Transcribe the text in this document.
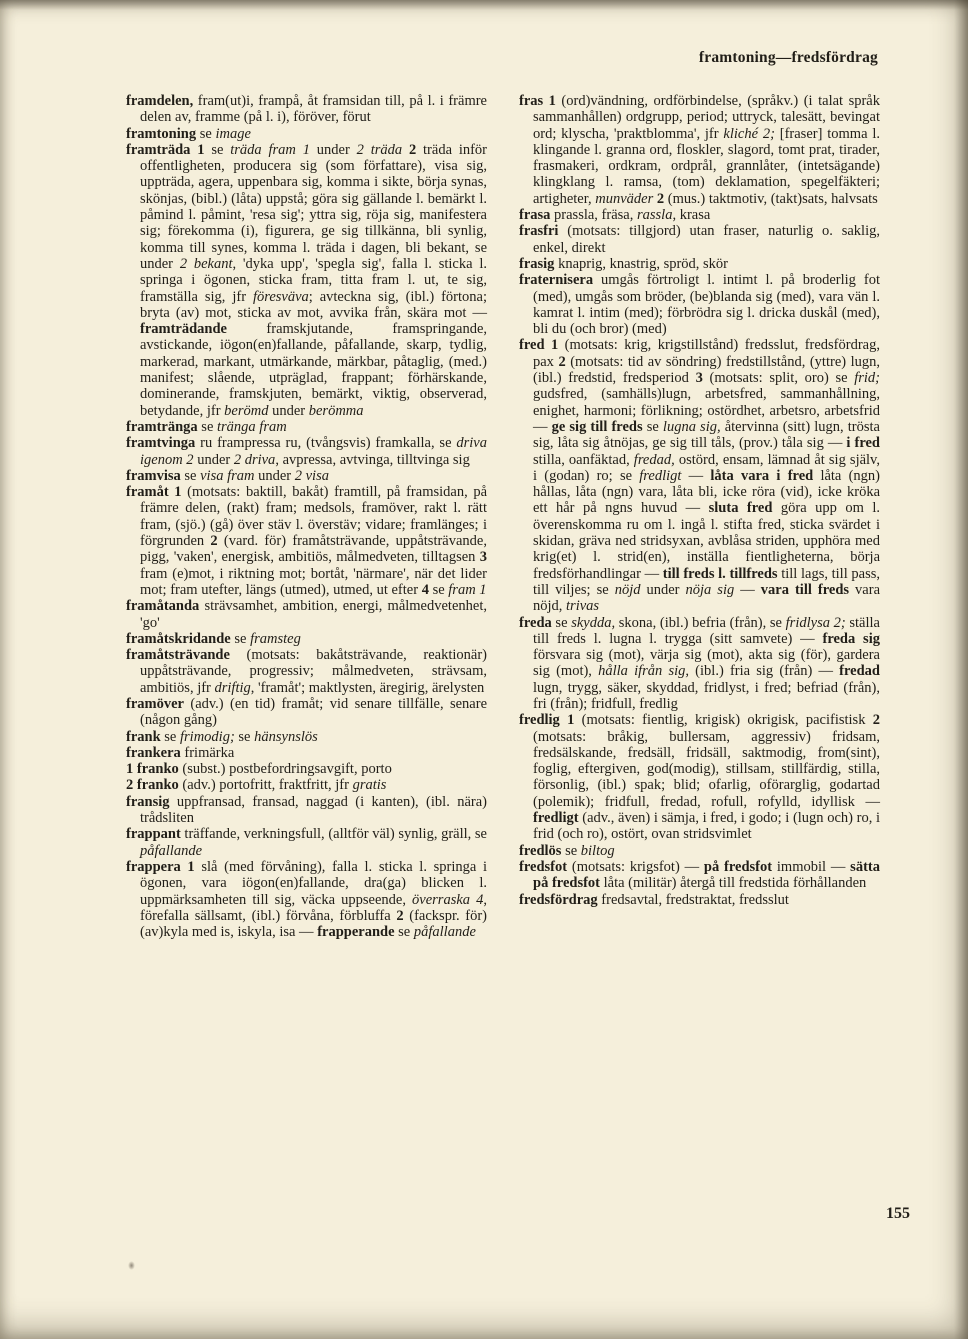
framtoning—fredsfördrag

framdelen, fram(ut)i, frampå, åt framsidan till, på l. i främre delen av, framme (på l. i), föröver, förut

framtoning se image

framträda 1 se träda fram 1 under 2 träda 2 träda inför offentligheten, producera sig (som författare), visa sig, uppträda, agera, uppenbara sig, komma i sikte, börja synas, skönjas, (bibl.) (låta) uppstå; göra sig gällande l. bemärkt l. påmind l. påmint, 'resa sig'; yttra sig, röja sig, manifestera sig; förekomma (i), figurera, ge sig tillkänna, bli synlig, komma till synes, komma l. träda i dagen, bli bekant, se under 2 bekant, 'dyka upp', 'spegla sig', falla l. sticka l. springa i ögonen, sticka fram, titta fram l. ut, te sig, framställa sig, jfr föresväva; avteckna sig, (ibl.) förtona; bryta (av) mot, sticka av mot, avvika från, skära mot — framträdande framskjutande, framspringande, avstickande, iögon(en)fallande, påfallande, skarp, tydlig, markerad, markant, utmärkande, märkbar, påtaglig, (med.) manifest; slående, utpräglad, frappant; förhärskande, dominerande, framskjuten, bemärkt, viktig, observerad, betydande, jfr berömd under berömma

framtränga se tränga fram

framtvinga ru frampressa ru, (tvångsvis) framkalla, se driva igenom 2 under 2 driva, avpressa, avtvinga, tilltvinga sig

framvisa se visa fram under 2 visa

framåt 1 (motsats: baktill, bakåt) framtill, på framsidan, på främre delen, (rakt) fram; medsols, framöver, rakt l. rätt fram, (sjö.) (gå) över stäv l. överstäv; vidare; framlänges; i förgrunden 2 (vard. för) framåtsträvande, uppåtsträvande, pigg, 'vaken', energisk, ambitiös, målmedveten, tilltagsen 3 fram (e)mot, i riktning mot; bortåt, 'närmare', när det lider mot; fram utefter, längs (utmed), utmed, ut efter 4 se fram 1

framåtanda strävsamhet, ambition, energi, målmedvetenhet, 'go'

framåtskridande se framsteg

framåtsträvande (motsats: bakåtsträvande, reaktionär) uppåtsträvande, progressiv; målmedveten, strävsam, ambitiös, jfr driftig, 'framåt'; maktlysten, äregirig, ärelysten

framöver (adv.) (en tid) framåt; vid senare tillfälle, senare (någon gång)

frank se frimodig; se hänsynslös

frankera frimärka

1 franko (subst.) postbefordringsavgift, porto

2 franko (adv.) portofritt, fraktfritt, jfr gratis

fransig uppfransad, fransad, naggad (i kanten), (ibl. nära) trådsliten

frappant träffande, verkningsfull, (alltför väl) synlig, gräll, se påfallande

frappera 1 slå (med förvåning), falla l. sticka l. springa i ögonen, vara iögon(en)fallande, dra(ga) blicken l. uppmärksamheten till sig, väcka uppseende, överraska 4, förefalla sällsamt, (ibl.) förvåna, förbluffa 2 (fackspr. för) (av)kyla med is, iskyla, isa — frapperande se påfallande

fras 1 (ord)vändning, ordförbindelse, (språkv.) (i talat språk sammanhållen) ordgrupp, period; uttryck, talesätt, bevingat ord; klyscha, 'praktblomma', jfr kliché 2; [fraser] tomma l. klingande l. granna ord, floskler, slagord, tomt prat, tirader, frasmakeri, ordkram, ordprål, grannlåter, (intetsägande) klingklang l. ramsa, (tom) deklamation, spegelfäkteri; artigheter, munväder 2 (mus.) taktmotiv, (takt)sats, halvsats

frasa prassla, fräsa, rassla, krasa

frasfri (motsats: tillgjord) utan fraser, naturlig o. saklig, enkel, direkt

frasig knaprig, knastrig, spröd, skör

fraternisera umgås förtroligt l. intimt l. på broderlig fot (med), umgås som bröder, (be)blanda sig (med), vara vän l. kamrat l. intim (med); förbrödra sig l. dricka duskål (med), bli du (och bror) (med)

fred 1 (motsats: krig, krigstillstånd) fredsslut, fredsfördrag, pax 2 (motsats: tid av söndring) fredstillstånd, (yttre) lugn, (ibl.) fredstid, fredsperiod 3 (motsats: split, oro) se frid; gudsfred, (samhälls)lugn, arbetsfred, sammanhållning, enighet, harmoni; förlikning; ostördhet, arbetsro, arbetsfrid — ge sig till freds se lugna sig, återvinna (sitt) lugn, trösta sig, låta sig åtnöjas, ge sig till tåls, (prov.) tåla sig — i fred stilla, oanfäktad, fredad, ostörd, ensam, lämnad åt sig själv, i (godan) ro; se fredligt — låta vara i fred låta (ngn) hållas, låta (ngn) vara, låta bli, icke röra (vid), icke kröka ett hår på ngns huvud — sluta fred göra upp om l. överenskomma ru om l. ingå l. stifta fred, sticka svärdet i skidan, gräva ned stridsyxan, avblåsa striden, upphöra med krig(et) l. strid(en), inställa fientligheterna, börja fredsförhandlingar — till freds l. tillfreds till lags, till pass, till viljes; se nöjd under nöja sig — vara till freds vara nöjd, trivas

freda se skydda, skona, (ibl.) befria (från), se fridlysa 2; ställa till freds l. lugna l. trygga (sitt samvete) — freda sig försvara sig (mot), värja sig (mot), akta sig (för), gardera sig (mot), hålla ifrån sig, (ibl.) fria sig (från) — fredad lugn, trygg, säker, skyddad, fridlyst, i fred; befriad (från), fri (från); fridfull, fredlig

fredlig 1 (motsats: fientlig, krigisk) okrigisk, pacifistisk 2 (motsats: bråkig, bullersam, aggressiv) fridsam, fredsälskande, fredsäll, fridsäll, saktmodig, from(sint), foglig, eftergiven, god(modig), stillsam, stillfärdig, stilla, försonlig, (ibl.) spak; blid; ofarlig, oförarglig, godartad (polemik); fridfull, fredad, rofull, rofylld, idyllisk — fredligt (adv., även) i sämja, i fred, i godo; i (lugn och) ro, i frid (och ro), ostört, ovan stridsvimlet

fredlös se biltog

fredsfot (motsats: krigsfot) — på fredsfot immobil — sätta på fredsfot låta (militär) återgå till fredstida förhållanden

fredsfördrag fredsavtal, fredstraktat, fredsslut

155
